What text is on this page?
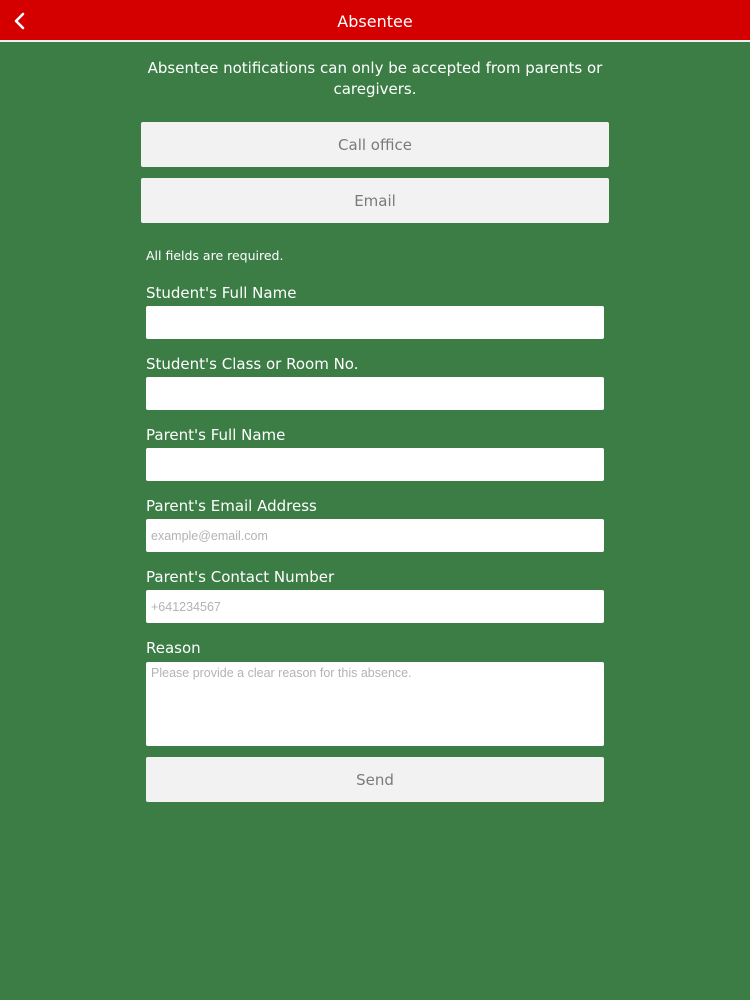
Absentee
Absentee notifications can only be accepted from parents or caregivers.
Call office
Email
All fields are required.
Student's Full Name
Student's Class or Room No.
Parent's Full Name
Parent's Email Address
example@email.com
Parent's Contact Number
+641234567
Reason
Please provide a clear reason for this absence.
Send
